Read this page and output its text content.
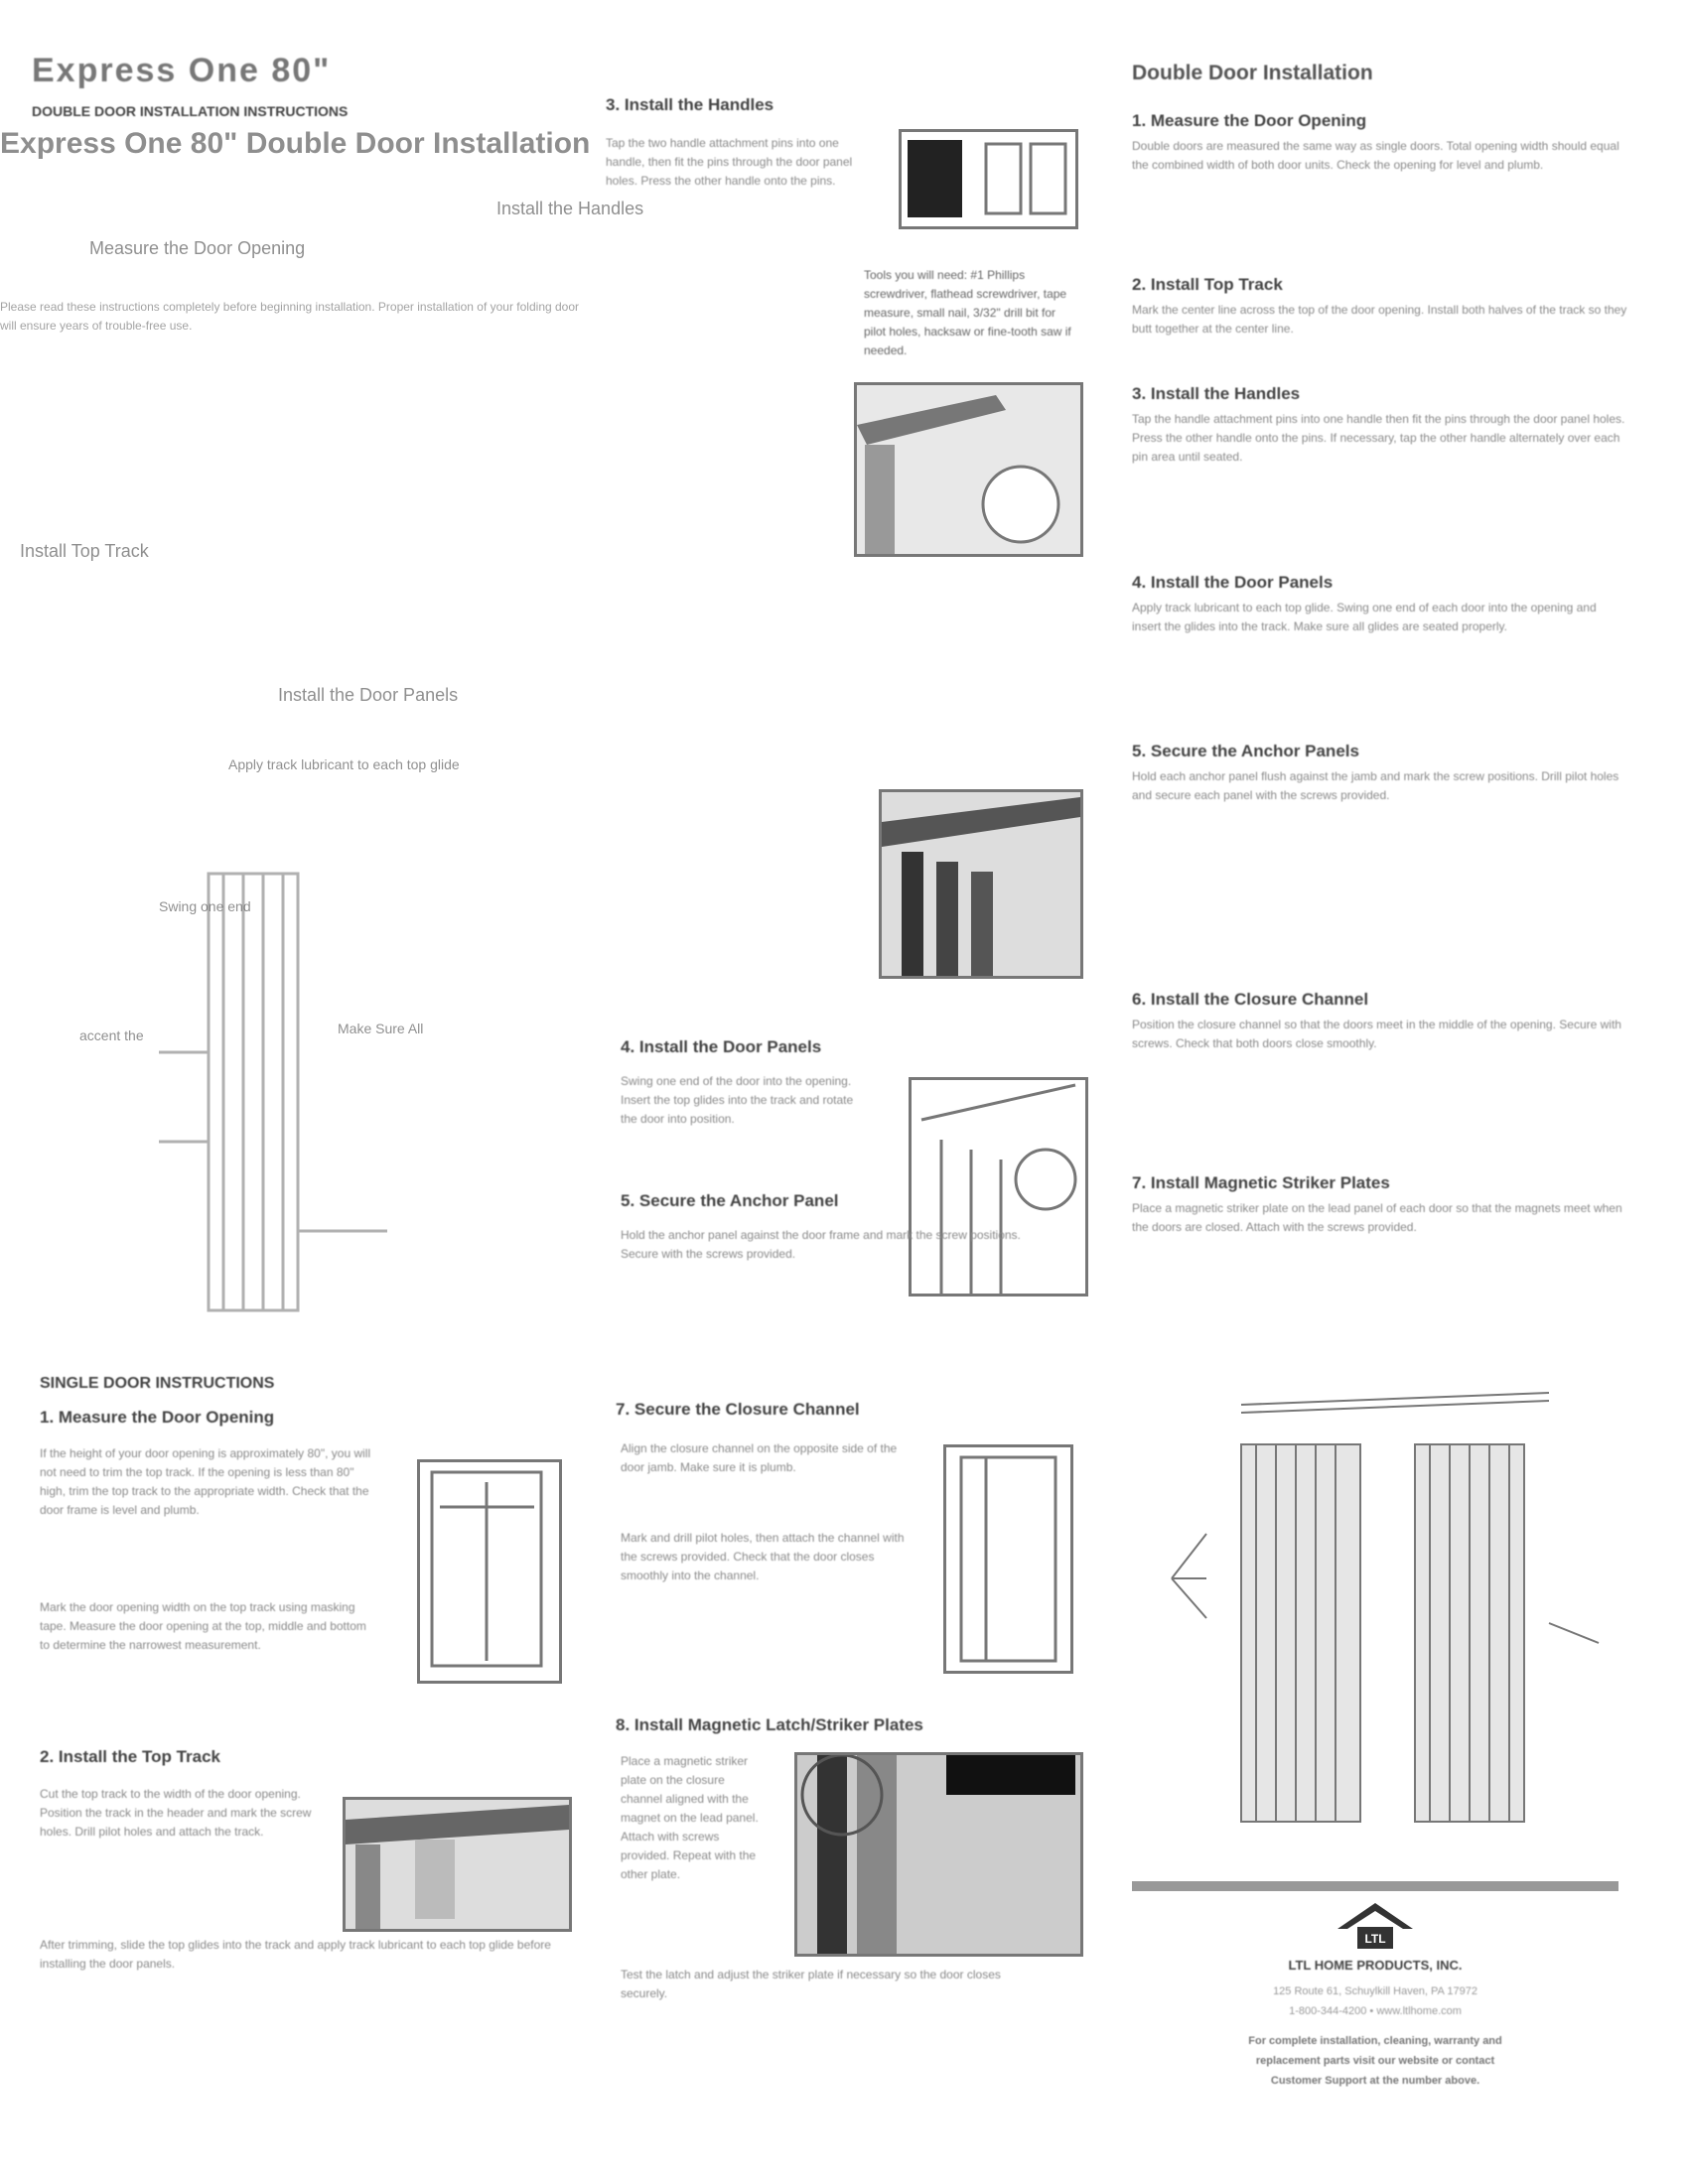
Express One 80"
DOUBLE DOOR INSTALLATION INSTRUCTIONS
Express One 80" Double Door Installation
Measure the Door Opening
Install the Handles
Install Top Track
Install the Door Panels
Make Sure All
Apply track lubricant to each top glide
Swing one end
accent the
Please read these instructions completely before beginning installation. Proper installation of your folding door will ensure years of trouble-free use.
SINGLE DOOR INSTRUCTIONS
1. Measure the Door Opening
If the height of your door opening is approximately 80", you will not need to trim the top track. If the opening is less than 80" high, trim the top track to the appropriate width. Check that the door frame is level and plumb.
Mark the door opening width on the top track using masking tape. Measure the door opening at the top, middle and bottom to determine the narrowest measurement.
2. Install the Top Track
Cut the top track to the width of the door opening. Position the track in the header and mark the screw holes. Drill pilot holes and attach the track.
After trimming, slide the top glides into the track and apply track lubricant to each top glide before installing the door panels.
3. Install the Handles
Tap the two handle attachment pins into one handle, then fit the pins through the door panel holes. Press the other handle onto the pins.
Tools you will need: #1 Phillips screwdriver, flathead screwdriver, tape measure, small nail, 3/32" drill bit for pilot holes, hacksaw or fine-tooth saw if needed.
4. Install the Door Panels
Swing one end of the door into the opening. Insert the top glides into the track and rotate the door into position.
5. Secure the Anchor Panel
Hold the anchor panel against the door frame and mark the screw positions. Secure with the screws provided.
7. Secure the Closure Channel
Align the closure channel on the opposite side of the door jamb. Make sure it is plumb.
Mark and drill pilot holes, then attach the channel with the screws provided. Check that the door closes smoothly into the channel.
8. Install Magnetic Latch/Striker Plates
Place a magnetic striker plate on the closure channel aligned with the magnet on the lead panel. Attach with screws provided. Repeat with the other plate.
Test the latch and adjust the striker plate if necessary so the door closes securely.
Double Door Installation
1. Measure the Door Opening
Double doors are measured the same way as single doors. Total opening width should equal the combined width of both door units. Check the opening for level and plumb.
2. Install Top Track
Mark the center line across the top of the door opening. Install both halves of the track so they butt together at the center line.
3. Install the Handles
Tap the handle attachment pins into one handle then fit the pins through the door panel holes. Press the other handle onto the pins. If necessary, tap the other handle alternately over each pin area until seated.
4. Install the Door Panels
Apply track lubricant to each top glide. Swing one end of each door into the opening and insert the glides into the track. Make sure all glides are seated properly.
5. Secure the Anchor Panels
Hold each anchor panel flush against the jamb and mark the screw positions. Drill pilot holes and secure each panel with the screws provided.
6. Install the Closure Channel
Position the closure channel so that the doors meet in the middle of the opening. Secure with screws. Check that both doors close smoothly.
7. Install Magnetic Striker Plates
Place a magnetic striker plate on the lead panel of each door so that the magnets meet when the doors are closed. Attach with the screws provided.
LTL
LTL HOME PRODUCTS, INC.
125 Route 61, Schuylkill Haven, PA 17972
1-800-344-4200 • www.ltlhome.com
For complete installation, cleaning, warranty and
replacement parts visit our website or contact
Customer Support at the number above.
